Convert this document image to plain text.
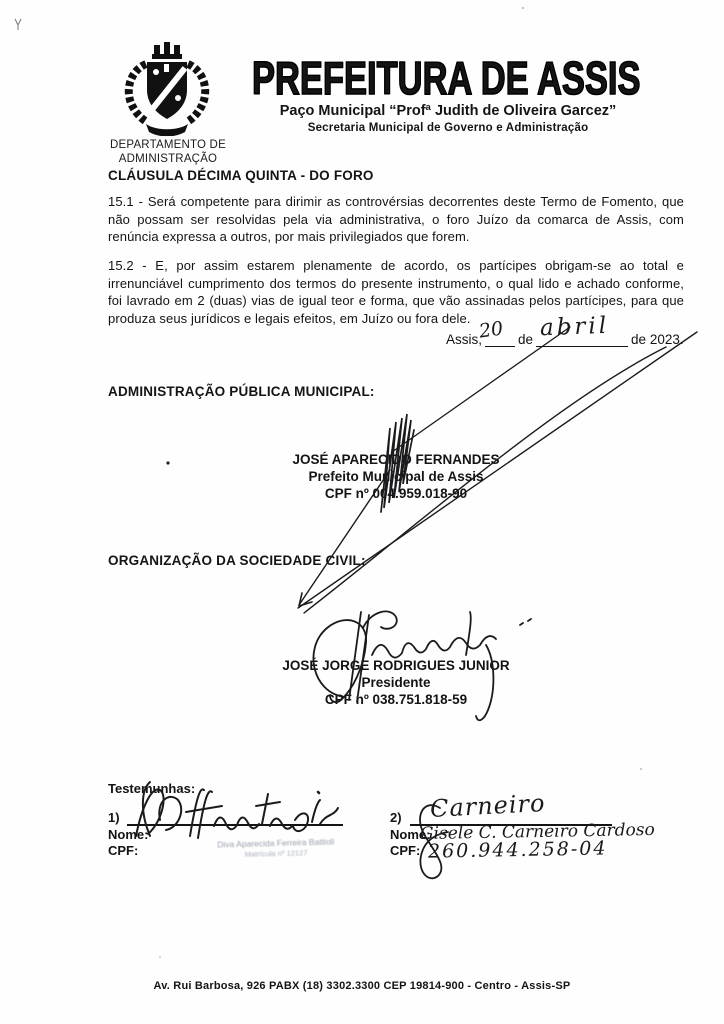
DEPARTAMENTO DE
ADMINISTRAÇÃO
PREFEITURA DE ASSIS
Paço Municipal “Profª Judith de Oliveira Garcez”
Secretaria Municipal de Governo e Administração
CLÁUSULA DÉCIMA QUINTA - DO FORO
15.1 - Será competente para dirimir as controvérsias decorrentes deste Termo de Fomento, que não possam ser resolvidas pela via administrativa, o foro Juízo da comarca de Assis, com renúncia expressa a outros, por mais privilegiados que forem.
15.2 - E, por assim estarem plenamente de acordo, os partícipes obrigam-se ao total e irrenunciável cumprimento dos termos do presente instrumento, o qual lido e achado conforme, foi lavrado em 2 (duas) vias de igual teor e forma, que vão assinadas pelos partícipes, para que produza seus jurídicos e legais efeitos, em Juízo ou fora dele.
Assis,
20 de abril de 2023.
ADMINISTRAÇÃO PÚBLICA MUNICIPAL:
JOSÉ APARECIDO FERNANDES
Prefeito Municipal de Assis
CPF nº 004.959.018-90
ORGANIZAÇÃO DA SOCIEDADE CIVIL:
JOSÉ JORGE RODRIGUES JUNIOR
Presidente
CPF nº 038.751.818-59
Testemunhas:
1)
Nome:
CPF:	Diva Aparecida Ferreira Battioli
Matrícula nº 12127
2)
Nome:
CPF:
Carneiro
Gisele C. Carneiro Cardoso
260.944.258-04
Av. Rui Barbosa, 926 PABX (18) 3302.3300 CEP 19814-900 - Centro - Assis-SP
